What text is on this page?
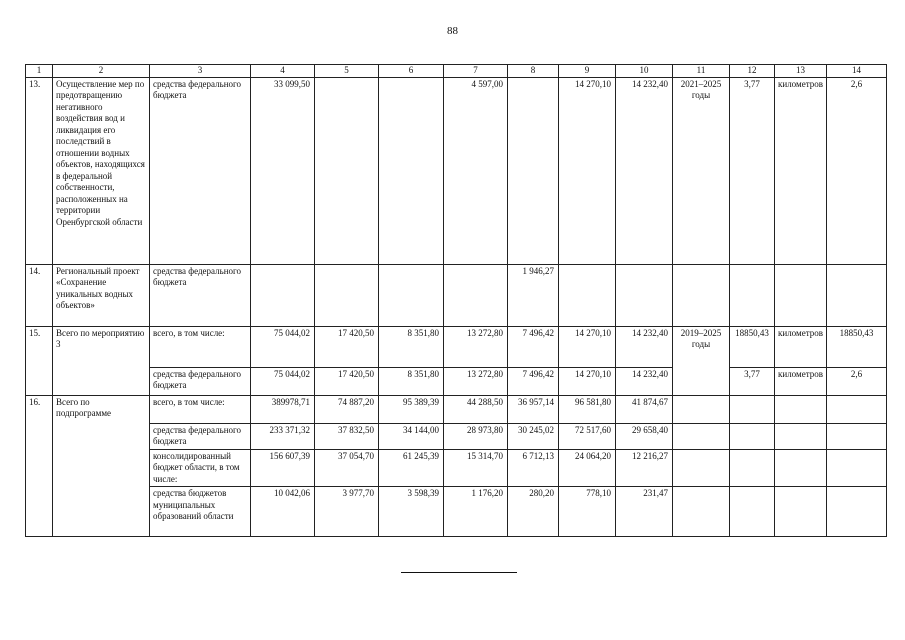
88
1	2	3	4	5	6	7	8	9	10	11	12	13	14
13.	Осуществление мер по предотвращению негативного воздействия вод и ликвидация его последствий в отношении водных объектов, находящихся в федеральной собственности, расположенных на территории Оренбургской области	средства федерального бюджета	33 099,50			4 597,00		14 270,10	14 232,40	2021–2025 годы	3,77	километров	2,6
14.	Региональный проект «Сохранение уникальных водных объектов»	средства федерального бюджета					1 946,27						
15.	Всего по мероприятию 3	всего, в том числе:	75 044,02	17 420,50	8 351,80	13 272,80	7 496,42	14 270,10	14 232,40	2019–2025 годы	18850,43	километров	18850,43
		средства федерального бюджета	75 044,02	17 420,50	8 351,80	13 272,80	7 496,42	14 270,10	14 232,40		3,77	километров	2,6
16.	Всего по подпрограмме	всего, в том числе:	389978,71	74 887,20	95 389,39	44 288,50	36 957,14	96 581,80	41 874,67				
		средства федерального бюджета	233 371,32	37 832,50	34 144,00	28 973,80	30 245,02	72 517,60	29 658,40				
		консолидированный бюджет области, в том числе:	156 607,39	37 054,70	61 245,39	15 314,70	6 712,13	24 064,20	12 216,27				
		средства бюджетов муниципальных образований области	10 042,06	3 977,70	3 598,39	1 176,20	280,20	778,10	231,47				
